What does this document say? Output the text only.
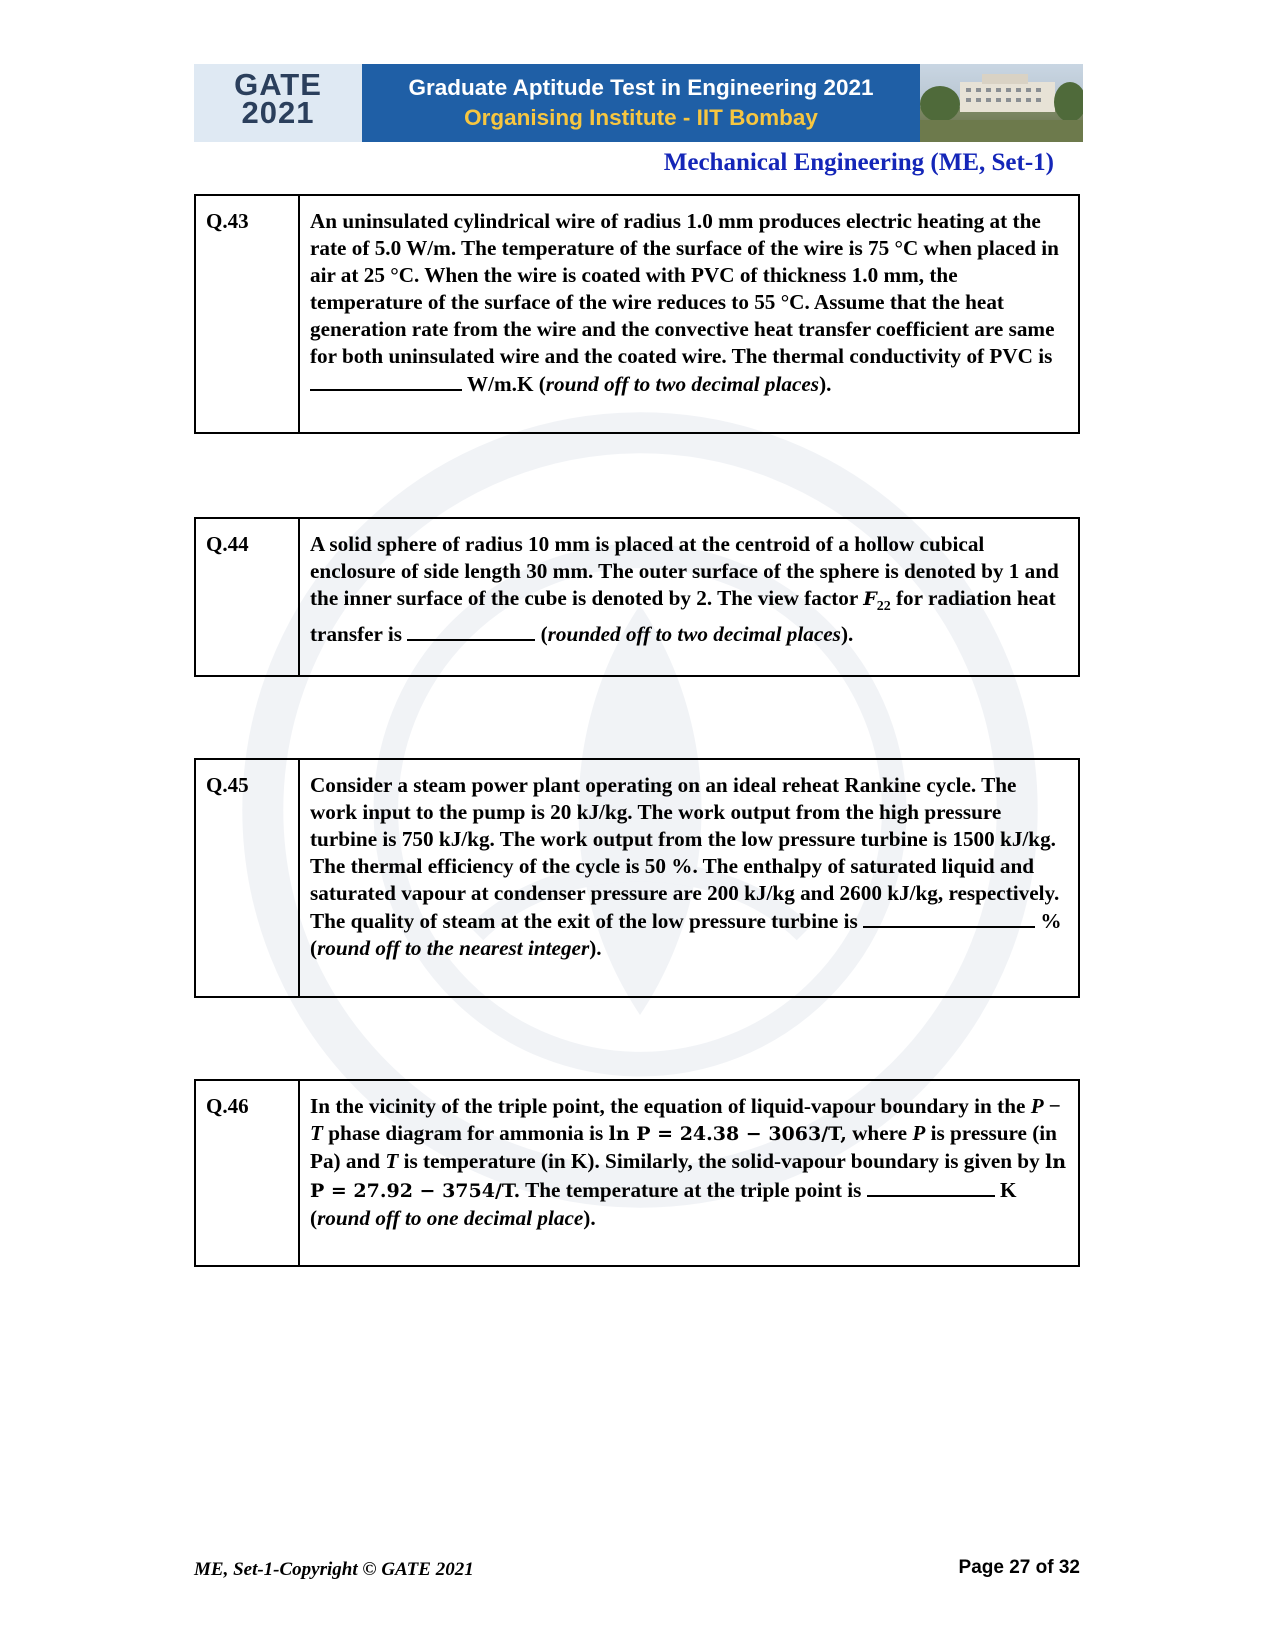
GATE
2021

Graduate Aptitude Test in Engineering 2021
Organising Institute - IIT Bombay
Mechanical Engineering (ME, Set-1)
Q.43	An uninsulated cylindrical wire of radius 1.0 mm produces electric heating at the rate of 5.0 W/m. The temperature of the surface of the wire is 75 °C when placed in air at 25 °C. When the wire is coated with PVC of thickness 1.0 mm, the temperature of the surface of the wire reduces to 55 °C. Assume that the heat generation rate from the wire and the convective heat transfer coefficient are same for both uninsulated wire and the coated wire. The thermal conductivity of PVC is  W/m.K (round off to two decimal places).
Q.44	A solid sphere of radius 10 mm is placed at the centroid of a hollow cubical enclosure of side length 30 mm. The outer surface of the sphere is denoted by 1 and the inner surface of the cube is denoted by 2. The view factor $F_{22}$ for radiation heat transfer is	(rounded off to two decimal places).
Q.45	Consider a steam power plant operating on an ideal reheat Rankine cycle. The work input to the pump is 20 kJ/kg. The work output from the high pressure turbine is 750 kJ/kg. The work output from the low pressure turbine is 1500 kJ/kg. The thermal efficiency of the cycle is 50 %. The enthalpy of saturated liquid and saturated vapour at condenser pressure are 200 kJ/kg and 2600 kJ/kg, respectively. The quality of steam at the exit of the low pressure turbine is	% (round off to the nearest integer).
Q.46	In the vicinity of the triple point, the equation of liquid-vapour boundary in the P − T phase diagram for ammonia is ln P = 24.38 − 3063/T, where P is pressure (in Pa) and T is temperature (in K). Similarly, the solid-vapour boundary is given by ln P = 27.92 − 3754/T. The temperature at the triple point is	K (round off to one decimal place).
ME, Set-1-Copyright © GATE 2021	Page 27 of 32
